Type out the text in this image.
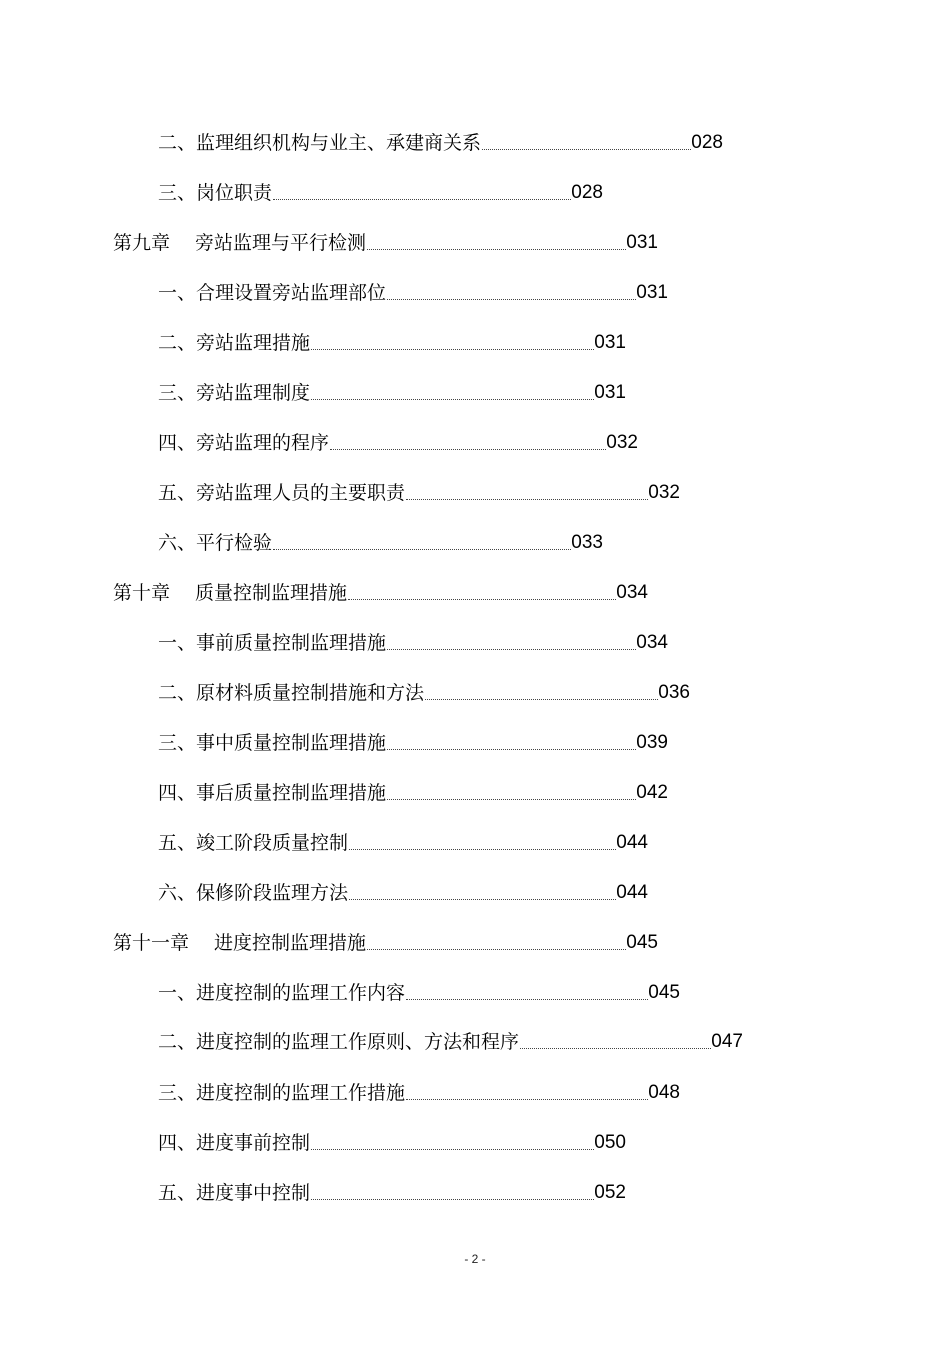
二、监理组织机构与业主、承建商关系	028
三、岗位职责	028
第九章　 旁站监理与平行检测	031
一、合理设置旁站监理部位	031
二、旁站监理措施	031
三、旁站监理制度	031
四、旁站监理的程序	032
五、旁站监理人员的主要职责	032
六、平行检验	033
第十章　 质量控制监理措施	034
一、事前质量控制监理措施	034
二、原材料质量控制措施和方法	036
三、事中质量控制监理措施	039
四、事后质量控制监理措施	042
五、竣工阶段质量控制	044
六、保修阶段监理方法	044
第十一章　 进度控制监理措施	045
一、进度控制的监理工作内容	045
二、进度控制的监理工作原则、方法和程序	047
三、进度控制的监理工作措施	048
四、进度事前控制	050
五、进度事中控制	052
- 2 -
